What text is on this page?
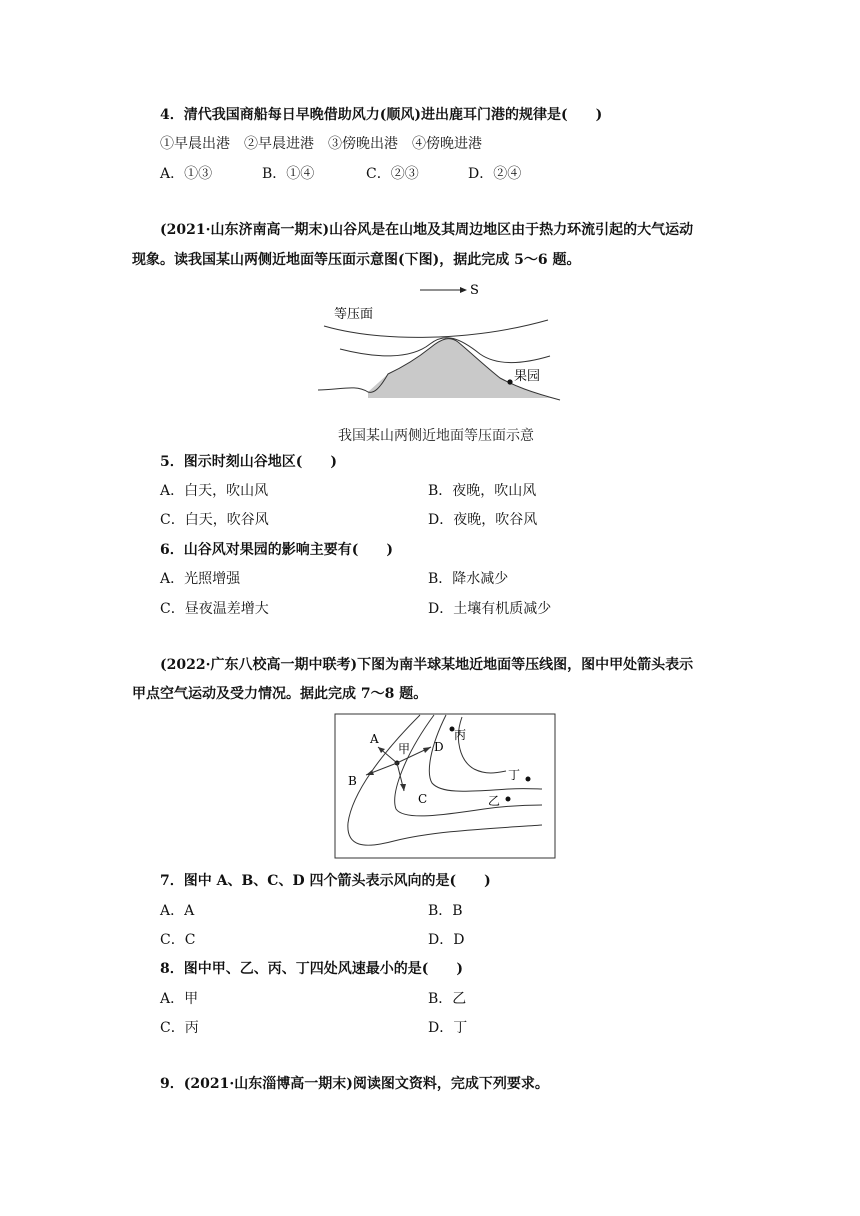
4．清代我国商船每日早晚借助风力(顺风)进出鹿耳门港的规律是(　　)
①早晨出港　②早晨进港　③傍晚出港　④傍晚进港
A．①③	B．①④	C．②③	D．②④
(2021·山东济南高一期末)山谷风是在山地及其周边地区由于热力环流引起的大气运动
现象。读我国某山两侧近地面等压面示意图(下图)，据此完成 5～6 题。
S
等压面
果园
我国某山两侧近地面等压面示意
5．图示时刻山谷地区(　　)
A．白天，吹山风	B．夜晚，吹山风
C．白天，吹谷风	D．夜晚，吹谷风
6．山谷风对果园的影响主要有(　　)
A．光照增强	B．降水减少
C．昼夜温差增大	D．土壤有机质减少
(2022·广东八校高一期中联考)下图为南半球某地近地面等压线图，图中甲处箭头表示
甲点空气运动及受力情况。据此完成 7～8 题。
甲
A
B
C
D
丙
丁
乙
7．图中 A、B、C、D 四个箭头表示风向的是(　　)
A．A	B．B
C．C	D．D
8．图中甲、乙、丙、丁四处风速最小的是(　　)
A．甲	B．乙
C．丙	D．丁
9．(2021·山东淄博高一期末)阅读图文资料，完成下列要求。
